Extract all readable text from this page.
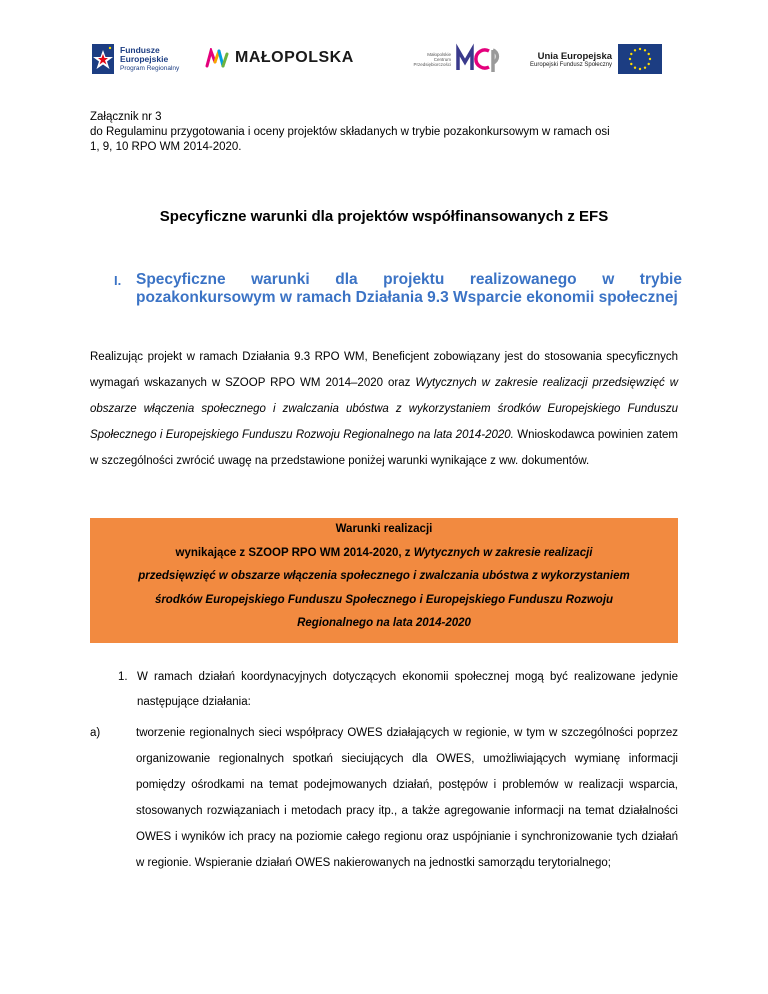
Fundusze
Europejskie
Program Regionalny
MAŁOPOLSKA	Małopolskie
Centrum
Przedsiębiorczości
Unia Europejska
Europejski Fundusz Społeczny
Załącznik nr 3
do Regulaminu przygotowania i oceny projektów składanych w trybie pozakonkursowym w ramach osi
1, 9, 10 RPO WM 2014-2020.
Specyficzne warunki dla projektów współfinansowanych z EFS
I. Specyficzne warunki dla projektu realizowanego w trybie pozakonkursowym w ramach Działania 9.3 Wsparcie ekonomii społecznej
Realizując projekt w ramach Działania 9.3 RPO WM, Beneficjent zobowiązany jest do stosowania specyficznych wymagań wskazanych w SZOOP RPO WM 2014–2020 oraz Wytycznych w zakresie realizacji przedsięwzięć w obszarze włączenia społecznego i zwalczania ubóstwa z wykorzystaniem środków Europejskiego Funduszu Społecznego i Europejskiego Funduszu Rozwoju Regionalnego na lata 2014-2020. Wnioskodawca powinien zatem w szczególności zwrócić uwagę na przedstawione poniżej warunki wynikające z ww. dokumentów.
Warunki realizacji
wynikające z SZOOP RPO WM 2014-2020, z Wytycznych w zakresie realizacji
przedsięwzięć w obszarze włączenia społecznego i zwalczania ubóstwa z wykorzystaniem
środków Europejskiego Funduszu Społecznego i Europejskiego Funduszu Rozwoju
Regionalnego na lata 2014-2020
1. W ramach działań koordynacyjnych dotyczących ekonomii społecznej mogą być realizowane jedynie następujące działania:
a)	tworzenie regionalnych sieci współpracy OWES działających w regionie, w tym w szczególności poprzez organizowanie regionalnych spotkań sieciujących dla OWES, umożliwiających wymianę informacji pomiędzy ośrodkami na temat podejmowanych działań, postępów i problemów w realizacji wsparcia, stosowanych rozwiązaniach i metodach pracy itp., a także agregowanie informacji na temat działalności OWES i wyników ich pracy na poziomie całego regionu oraz uspójnianie i synchronizowanie tych działań w regionie. Wspieranie działań OWES nakierowanych na jednostki samorządu terytorialnego;
